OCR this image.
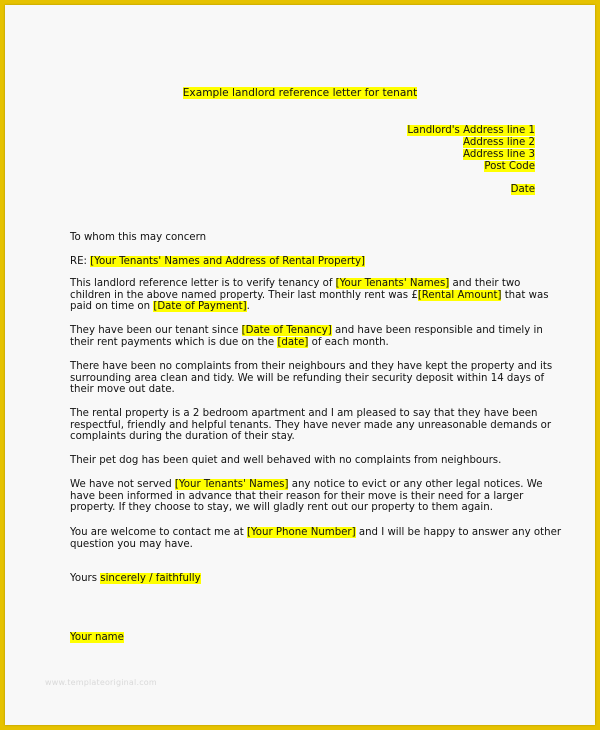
Example landlord reference letter for tenant
Landlord's Address line 1
Address line 2
Address line 3
Post Code
Date
To whom this may concern
RE: [Your Tenants' Names and Address of Rental Property]
This landlord reference letter is to verify tenancy of [Your Tenants' Names] and their two
children in the above named property. Their last monthly rent was £[Rental Amount] that was
paid on time on [Date of Payment].
They have been our tenant since [Date of Tenancy] and have been responsible and timely in
their rent payments which is due on the [date] of each month.
There have been no complaints from their neighbours and they have kept the property and its
surrounding area clean and tidy. We will be refunding their security deposit within 14 days of
their move out date.
The rental property is a 2 bedroom apartment and I am pleased to say that they have been
respectful, friendly and helpful tenants. They have never made any unreasonable demands or
complaints during the duration of their stay.
Their pet dog has been quiet and well behaved with no complaints from neighbours.
We have not served [Your Tenants' Names] any notice to evict or any other legal notices. We
have been informed in advance that their reason for their move is their need for a larger
property. If they choose to stay, we will gladly rent out our property to them again.
You are welcome to contact me at [Your Phone Number] and I will be happy to answer any other
question you may have.
Yours sincerely / faithfully
Your name
www.templateoriginal.com
